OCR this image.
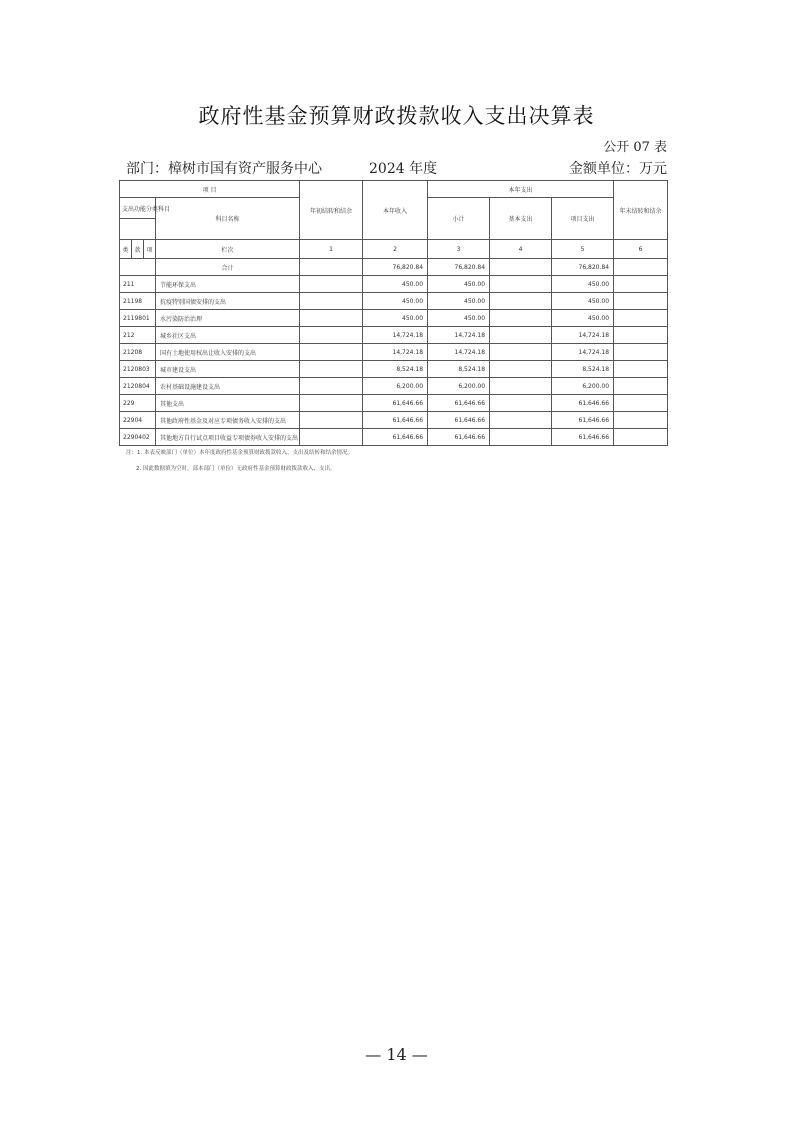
政府性基金预算财政拨款收入支出决算表
公开 07 表
部门：樟树市国有资产服务中心	2024 年度	金额单位：万元
项 目				年初结转和结余	本年收入	本年支出			年末结转和结余
支出功能分类科目			科目名称			小计	基本支出	项目支出	

类	款	项	栏次	1	2	3	4	5	6
			合计		76,820.84	76,820.84		76,820.84	
211			节能环保支出		450.00	450.00		450.00	
21198			抗疫特别国债安排的支出		450.00	450.00		450.00	
2119801			水污染防治治理		450.00	450.00		450.00	
212			城乡社区支出		14,724.18	14,724.18		14,724.18	
21208			国有土地使用权出让收入安排的支出		14,724.18	14,724.18		14,724.18	
2120803			城市建设支出		8,524.18	8,524.18		8,524.18	
2120804			农村基础设施建设支出		6,200.00	6,200.00		6,200.00	
229			其他支出		61,646.66	61,646.66		61,646.66	
22904			其他政府性基金及对应专项债务收入安排的支出		61,646.66	61,646.66		61,646.66	
2290402			其他地方自行试点项目收益专项债券收入安排的支出		61,646.66	61,646.66		61,646.66	
注：1. 本表反映部门（单位）本年度政府性基金预算财政拨款收入、支出及结转和结余情况。
2. 因此数据填为空时，部本部门（单位）无政府性基金预算财政拨款收入、支出。
— 14 —
